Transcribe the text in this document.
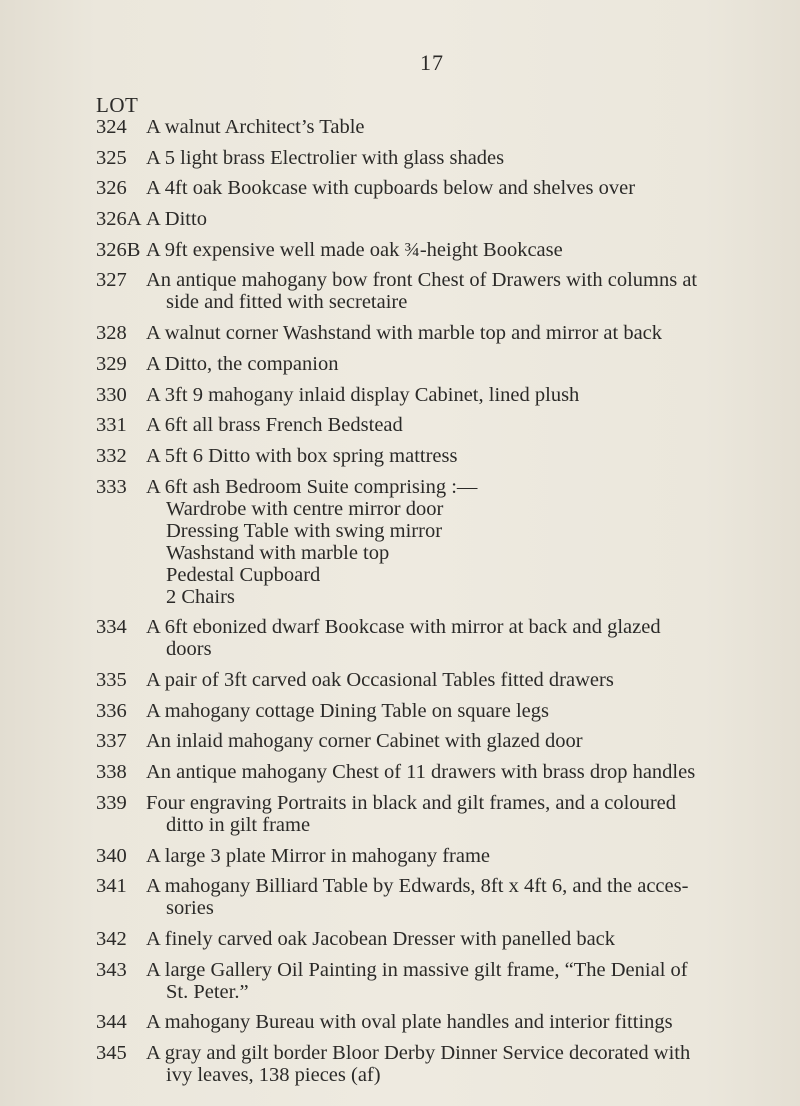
17
LOT
324 A walnut Architect’s Table
325 A 5 light brass Electrolier with glass shades
326 A 4ft oak Bookcase with cupboards below and shelves over
326A A Ditto
326B A 9ft expensive well made oak ¾-height Bookcase
327 An antique mahogany bow front Chest of Drawers with columns at
side and fitted with secretaire
328 A walnut corner Washstand with marble top and mirror at back
329 A Ditto, the companion
330 A 3ft 9 mahogany inlaid display Cabinet, lined plush
331 A 6ft all brass French Bedstead
332 A 5ft 6 Ditto with box spring mattress
333 A 6ft ash Bedroom Suite comprising :—
Wardrobe with centre mirror door
Dressing Table with swing mirror
Washstand with marble top
Pedestal Cupboard
2 Chairs
334 A 6ft ebonized dwarf Bookcase with mirror at back and glazed
doors
335 A pair of 3ft carved oak Occasional Tables fitted drawers
336 A mahogany cottage Dining Table on square legs
337 An inlaid mahogany corner Cabinet with glazed door
338 An antique mahogany Chest of 11 drawers with brass drop handles
339 Four engraving Portraits in black and gilt frames, and a coloured
ditto in gilt frame
340 A large 3 plate Mirror in mahogany frame
341 A mahogany Billiard Table by Edwards, 8ft x 4ft 6, and the acces-
sories
342 A finely carved oak Jacobean Dresser with panelled back
343 A large Gallery Oil Painting in massive gilt frame, “The Denial of
St. Peter.”
344 A mahogany Bureau with oval plate handles and interior fittings
345 A gray and gilt border Bloor Derby Dinner Service decorated with
ivy leaves, 138 pieces (af)
